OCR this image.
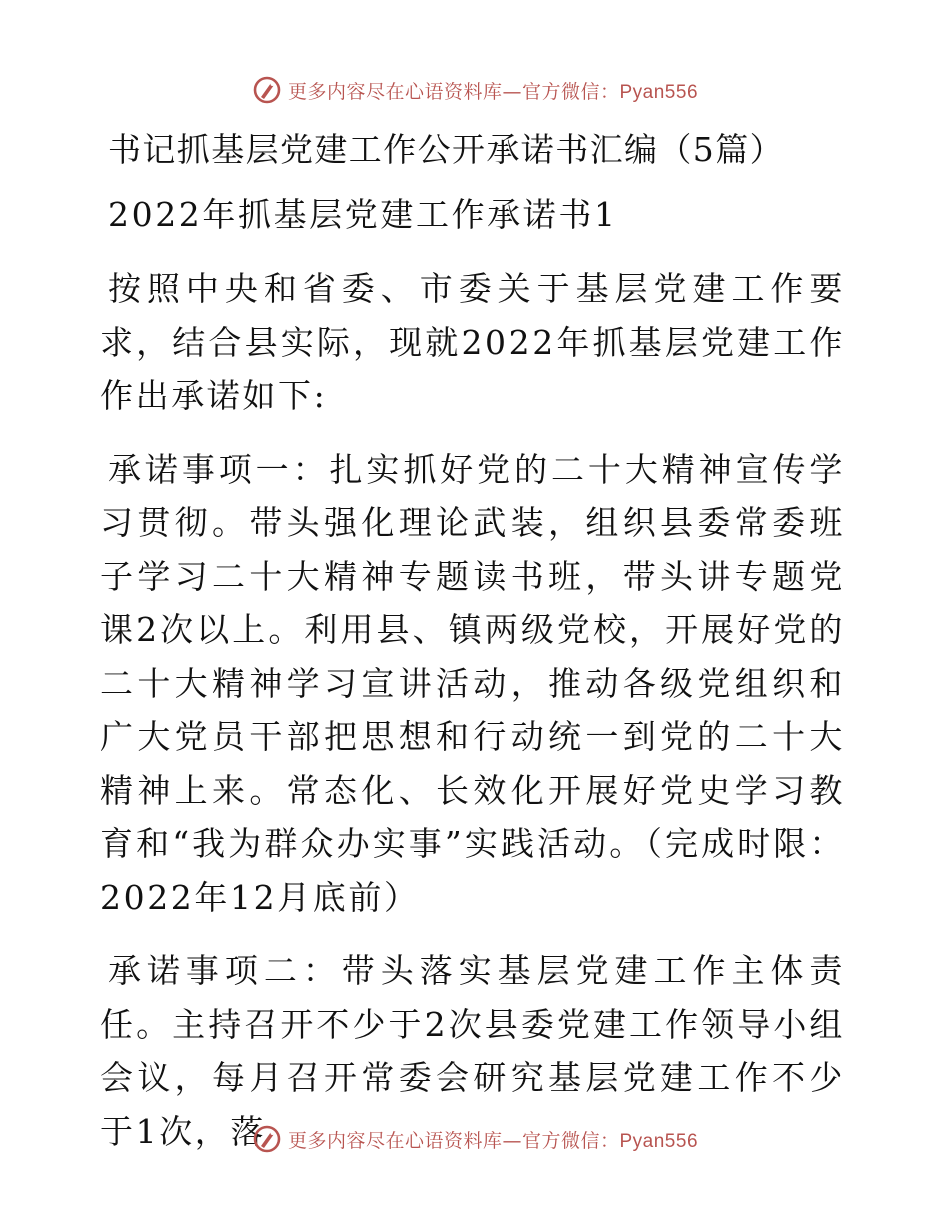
更多内容尽在心语资料库—官方微信：Pyan556

书记抓基层党建工作公开承诺书汇编（5篇）

2022年抓基层党建工作承诺书1

按照中央和省委、市委关于基层党建工作要求，结合县实际，现就2022年抓基层党建工作作出承诺如下:

承诺事项一：扎实抓好党的二十大精神宣传学习贯彻。带头强化理论武装，组织县委常委班子学习二十大精神专题读书班，带头讲专题党课2次以上。利用县、镇两级党校，开展好党的二十大精神学习宣讲活动，推动各级党组织和广大党员干部把思想和行动统一到党的二十大精神上来。常态化、长效化开展好党史学习教育和“我为群众办实事”实践活动。（完成时限：2022年12月底前）

承诺事项二：带头落实基层党建工作主体责任。主持召开不少于2次县委党建工作领导小组会议，每月召开常委会研究基层党建工作不少于1次，落	更多内容尽在心语资料库—官方微信：Pyan556
